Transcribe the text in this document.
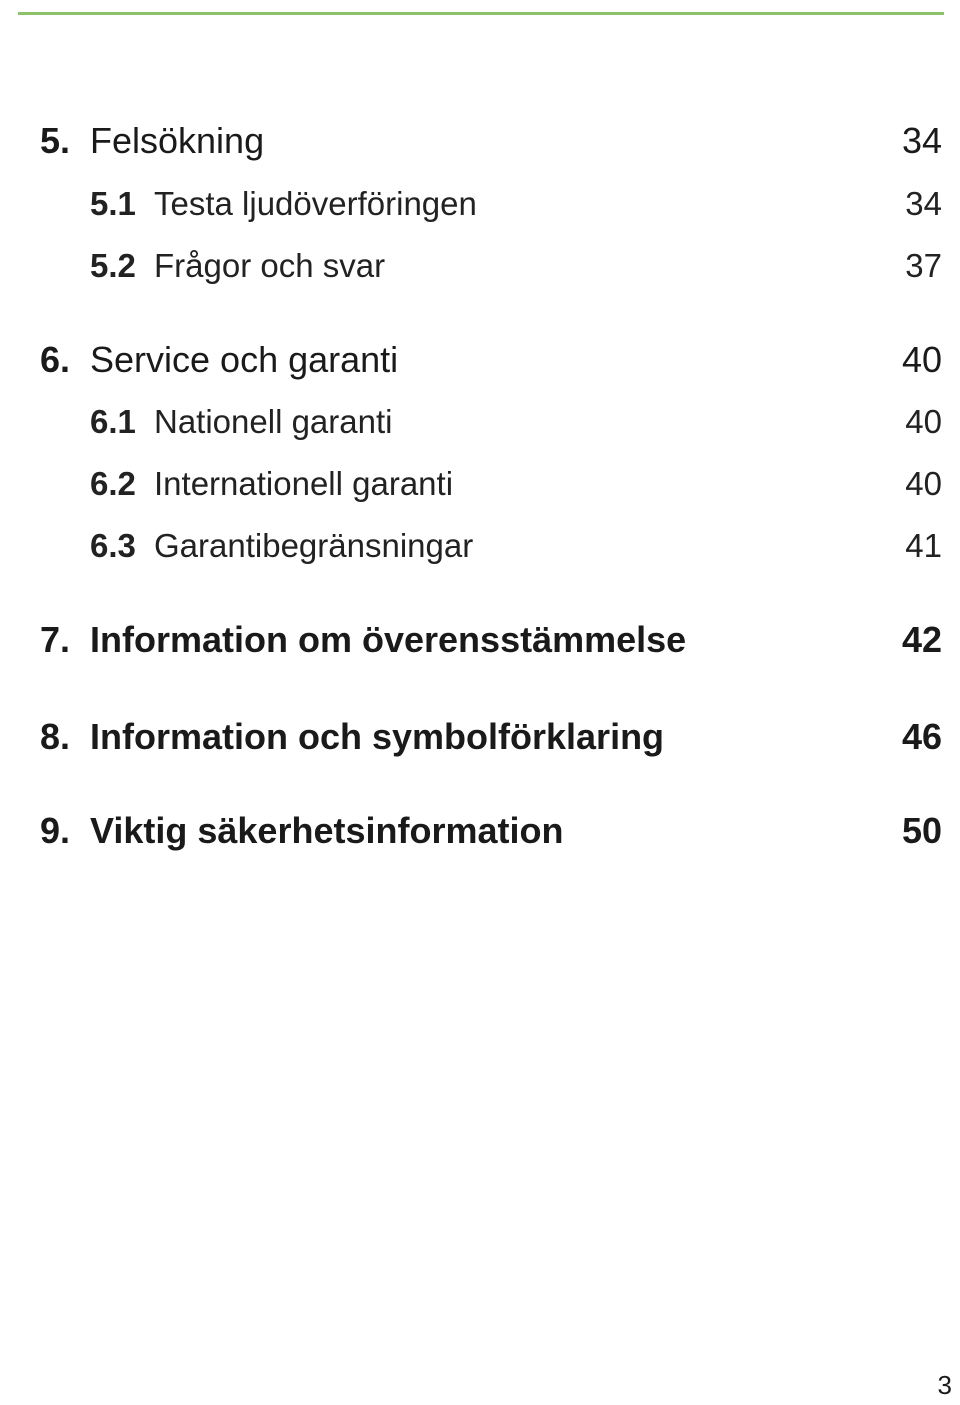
5. Felsökning	34
5.1 Testa ljudöverföringen	34
5.2 Frågor och svar	37
6. Service och garanti	40
6.1 Nationell garanti	40
6.2 Internationell garanti	40
6.3 Garantibegränsningar	41
7. Information om överensstämmelse	42
8. Information och symbolförklaring	46
9. Viktig säkerhetsinformation	50
3
